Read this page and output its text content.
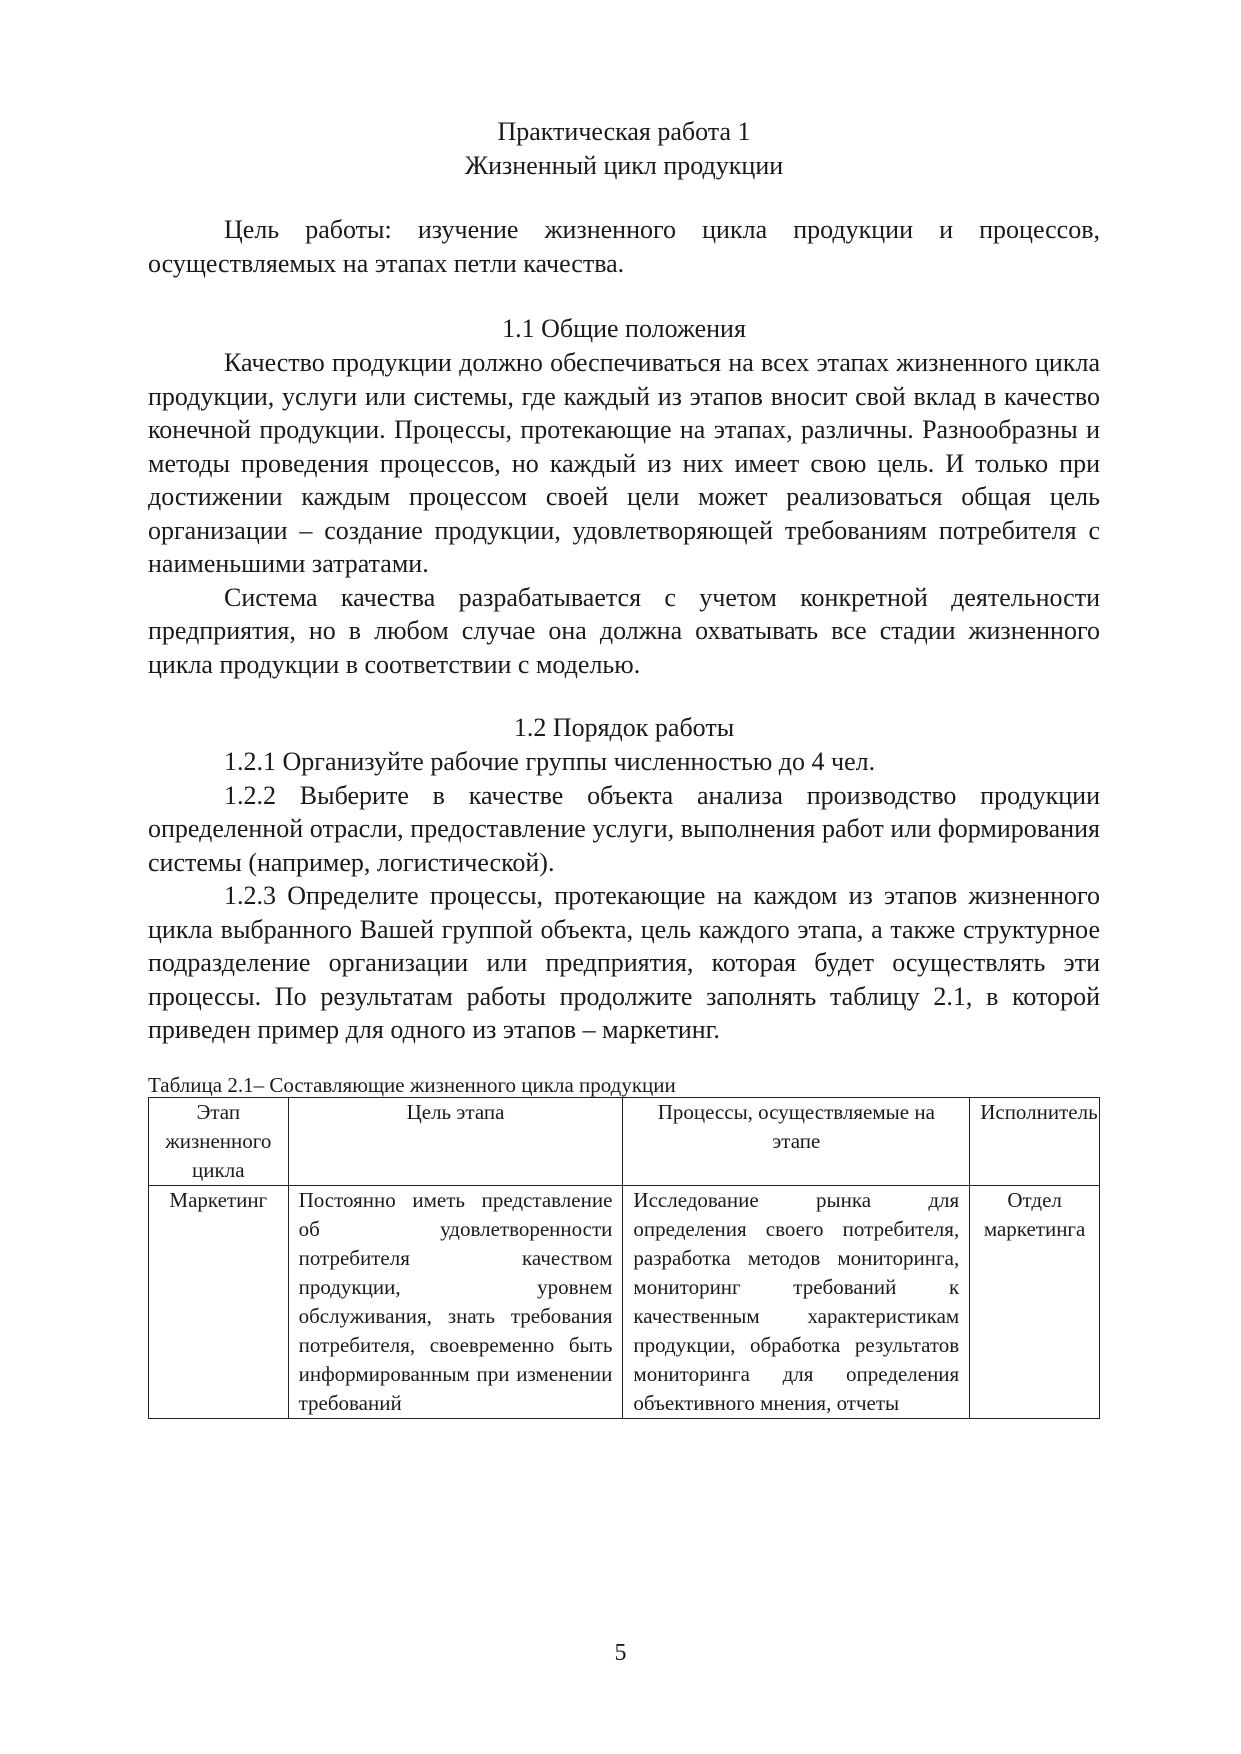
Практическая работа 1

Жизненный цикл продукции

Цель работы: изучение жизненного цикла продукции и процессов, осуществляемых на этапах петли качества.

1.1 Общие положения

Качество продукции должно обеспечиваться на всех этапах жизненного цикла продукции, услуги или системы, где каждый из этапов вносит свой вклад в качество конечной продукции. Процессы, протекающие на этапах, различны. Разнообразны и методы проведения процессов, но каждый из них имеет свою цель. И только при достижении каждым процессом своей цели может реализоваться общая цель организации – создание продукции, удовлетворяющей требованиям потребителя с наименьшими затратами.

Система качества разрабатывается с учетом конкретной деятельности предприятия, но в любом случае она должна охватывать все стадии жизненного цикла продукции в соответствии с моделью.

1.2 Порядок работы

1.2.1 Организуйте рабочие группы численностью до 4 чел.

1.2.2 Выберите в качестве объекта анализа производство продукции определенной отрасли, предоставление услуги, выполнения работ или формирования системы (например, логистической).

1.2.3 Определите процессы, протекающие на каждом из этапов жизненного цикла выбранного Вашей группой объекта, цель каждого этапа, а также структурное подразделение организации или предприятия, которая будет осуществлять эти процессы. По результатам работы продолжите заполнять таблицу 2.1, в которой приведен пример для одного из этапов – маркетинг.

Таблица 2.1– Составляющие жизненного цикла продукции

Этап жизненного цикла	Цель этапа	Процессы, осуществляемые на этапе	Исполнитель
Маркетинг	Постоянно иметь представление об удовлетворенности потребителя качеством продукции, уровнем обслуживания, знать требования потребителя, своевременно быть информированным при изменении требований	Исследование рынка для определения своего потребителя, разработка методов мониторинга, мониторинг требований к качественным характеристикам продукции, обработка результатов мониторинга для определения объективного мнения, отчеты	Отдел маркетинга
5
